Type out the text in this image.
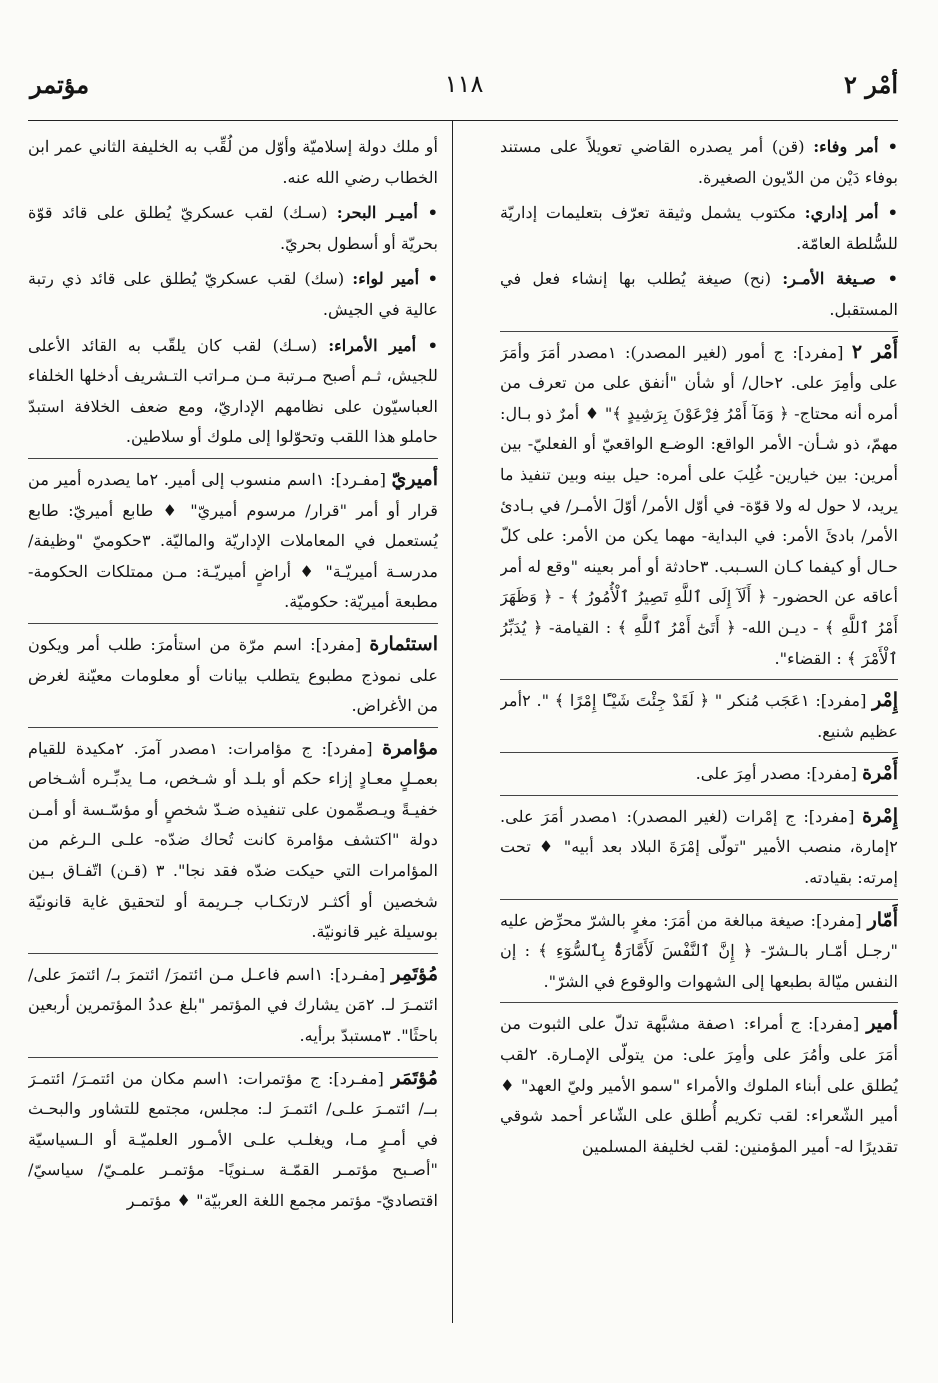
أمْر ٢
١١٨
مؤتمر
• أمر وفاء: (قن) أمر يصدره القاضي تعويلاً على مستند بوفاء دَيْن من الدّيون الصغيرة.
• أمر إداري: مكتوب يشمل وثيقة تعرّف بتعليمات إداريّة للسُّلطة العامّة.
• صـيغة الأمـر: (نح) صيغة يُطلب بها إنشاء فعل في المستقبل.
أَمْر ٢ [مفرد]: ج أمور (لغير المصدر): ١مصدر أمَرَ وأمَرَ على وأمِرَ على. ٢حال/ أو شأن "أنفق على من تعرف من أمره أنه محتاج- ﴿ وَمَآ أَمْرُ فِرْعَوْنَ بِرَشِيدٍ ﴾" ♦ أمرٌ ذو بـال: مهمّ، ذو شـأن- الأمر الواقع: الوضـع الواقعيّ أو الفعليّ- بين أمرين: بين خيارين- غُلِبَ على أمره: حيل بينه وبين تنفيذ ما يريد، لا حول له ولا قوّة- في أوّل الأمر/ أوّلَ الأمـر/ في بـادئ الأمر/ بادئَ الأمر: في البداية- مهما يكن من الأمر: على كلّ حـال أو كيفما كـان السـبب. ٣حادثة أو أمر بعينه "وقع له أمر أعاقه عن الحضور- ﴿ أَلَآ إِلَى ٱللَّهِ تَصِيرُ ٱلْأُمُورُ ﴾ - ﴿ وَظَهَرَ أَمْرُ ٱللَّهِ ﴾ - ديـن الله- ﴿ أَتَىٰٓ أَمْرُ ٱللَّهِ ﴾ : القيامة- ﴿ يُدَبِّرُ ٱلْأَمْرَ ﴾ : القضاء".
إِمْر [مفرد]: ١عَجَب مُنكر " ﴿ لَقَدْ جِئْتَ شَيْـًٔا إِمْرًا ﴾ ". ٢أمر عظيم شنيع.
أَمْرة [مفرد]: مصدر أمِرَ على.
إِمْرة [مفرد]: ج إمْرات (لغير المصدر): ١مصدر أمَرَ على. ٢إمارة، منصب الأمير "تولّى إمْرَةَ البلاد بعد أبيه" ♦ تحت إمرته: بقيادته.
أَمّار [مفرد]: صيغة مبالغة من أمَرَ: مغرٍ بالشرّ محرِّض عليه "رجـل أمّـار بالـشرّ- ﴿ إِنَّ ٱلنَّفْسَ لَأَمَّارَةٌۢ بِٱلسُّوٓءِ ﴾ : إن النفس ميّالة بطبعها إلى الشهوات والوقوع في الشرّ".
أمير [مفرد]: ج أمراء: ١صفة مشبَّهة تدلّ على الثبوت من أمَرَ على وأمُرَ على وأمِرَ على: من يتولّى الإمـارة. ٢لقب يُطلق على أبناء الملوك والأمراء "سمو الأمير وليّ العهد" ♦ أمير الشّعراء: لقب تكريم أُطلق على الشّاعر أحمد شوقي تقديرًا له- أمير المؤمنين: لقب لخليفة المسلمين
أو ملك دولة إسلاميّة وأوّل من لُقِّب به الخليفة الثاني عمر ابن الخطاب رضي الله عنه.
• أميـر البحر: (سـك) لقب عسكريّ يُطلق على قائد قوّة بحريّة أو أسطول بحريّ.
• أمير لواء: (سك) لقب عسكريّ يُطلق على قائد ذي رتبة عالية في الجيش.
• أمير الأمراء: (سـك) لقب كان يلقّب به القائد الأعلى للجيش، ثـم أصبح مـرتبة مـن مـراتب التـشريف أدخلها الخلفاء العباسيّون على نظامهم الإداريّ، ومع ضعف الخلافة استبدّ حاملو هذا اللقب وتحوّلوا إلى ملوك أو سلاطين.
أميريّ [مفـرد]: ١اسم منسوب إلى أمير. ٢ما يصدره أمير من قرار أو أمر "قرار/ مرسوم أميريّ" ♦ طابع أميريّ: طابع يُستعمل في المعاملات الإداريّة والماليّة. ٣حكوميّ "وظيفة/ مدرسـة أميريّـة" ♦ أراضٍ أميريّـة: مـن ممتلكات الحكومة- مطبعة أميريّة: حكوميّة.
استئمارة [مفرد]: اسم مرّة من استأمرَ: طلب أمر ويكون على نموذج مطبوع يتطلب بيانات أو معلومات معيّنة لغرض من الأغراض.
مؤامرة [مفرد]: ج مؤامرات: ١مصدر آمرَ. ٢مكيدة للقيام بعمـلٍ معـادٍ إزاء حكم أو بلـد أو شـخص، مـا يدبِّـره أشـخاص خفيـةً ويـصمِّمون على تنفيذه ضـدّ شخصٍ أو مؤسّـسة أو أمـن دولة "اكتشف مؤامرة كانت تُحاك ضدّه- علـى الـرغم من المؤامرات التي حيكت ضدّه فقد نجا". ٣ (قـن) اتّفـاق بـين شخصين أو أكثـر لارتكـاب جـريمة أو لتحقيق غاية قانونيّة بوسيلة غير قانونيّة.
مُؤتَمِر [مفـرد]: ١اسم فاعـل مـن ائتمرَ/ ائتمرَ بـ/ ائتمرَ على/ ائتمـرَ لـ. ٢مَن يشارك في المؤتمر "بلغ عددُ المؤتمرين أربعين باحثًا". ٣مستبدّ برأيه.
مُؤتَمَر [مفـرد]: ج مؤتمرات: ١اسم مكان من ائتمـرَ/ ائتمـرَ بــ/ ائتمـرَ علـى/ ائتمـرَ لـ: مجلس، مجتمع للتشاور والبحـث في أمـرٍ مـا، ويغلـب علـى الأمـور العلميّـة أو الـسياسيّة "أصـبح مؤتمـر القمّـة سـنويًا- مؤتمـر علمـيّ/ سياسيّ/ اقتصاديّ- مؤتمر مجمع اللغة العربيّة" ♦ مؤتمـر
